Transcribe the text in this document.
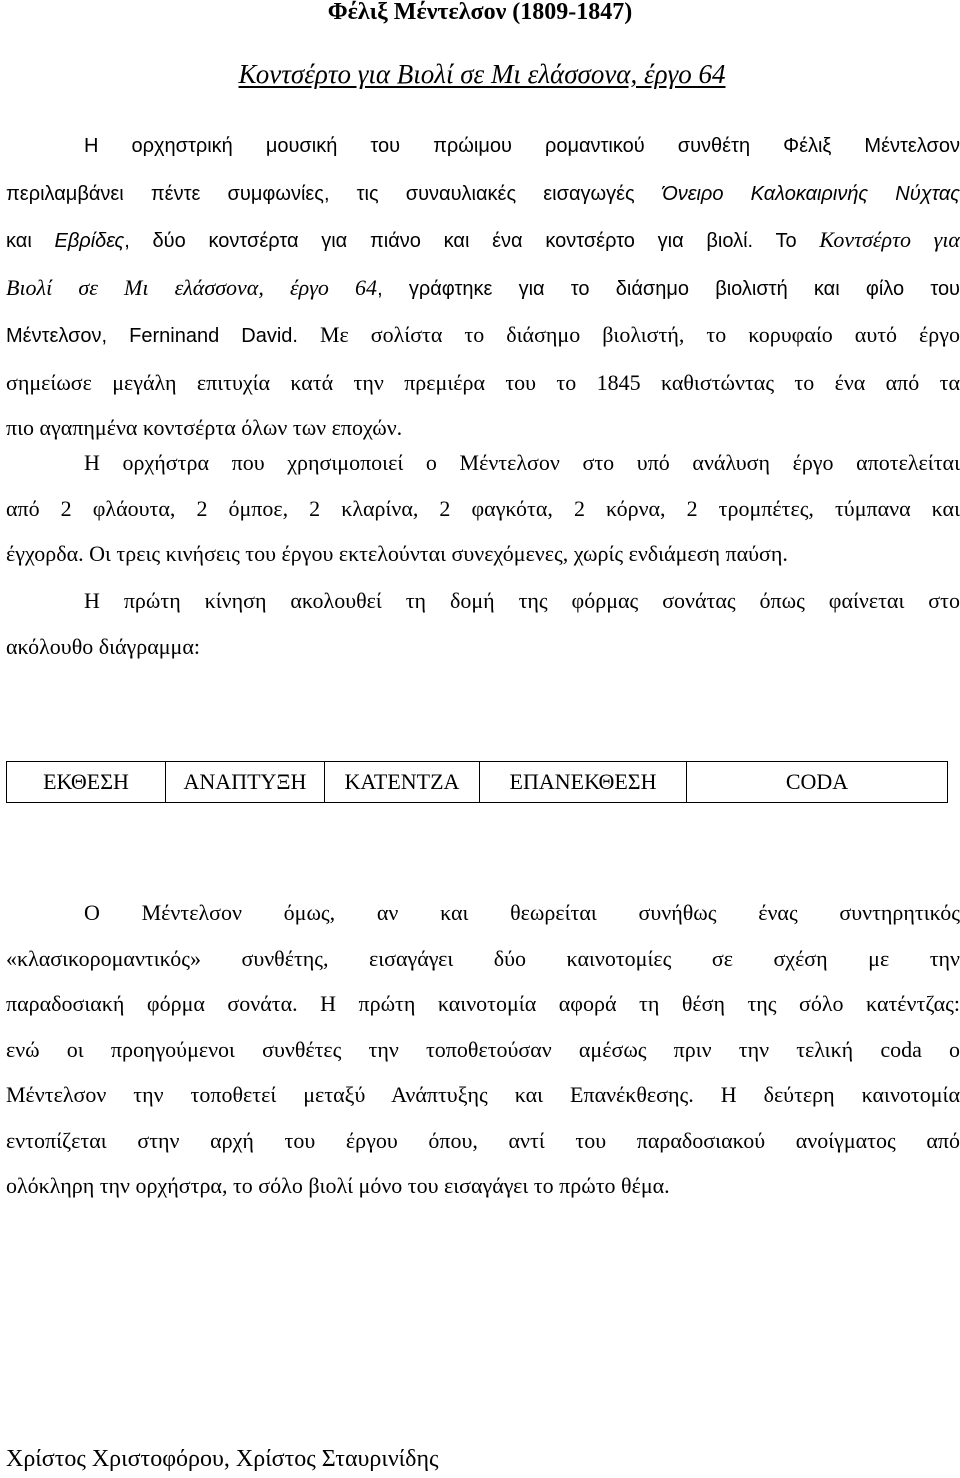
Φέλιξ Μέντελσον (1809-1847)
Κοντσέρτο για Βιολί σε Μι ελάσσονα, έργο 64
Η ορχηστρική μουσική του πρώιμου ρομαντικού συνθέτη Φέλιξ Μέντελσον
περιλαμβάνει πέντε συμφωνίες, τις συναυλιακές εισαγωγές Όνειρο Καλοκαιρινής Νύχτας
και Εβρίδες, δύο κοντσέρτα για πιάνο και ένα κοντσέρτο για βιολί. Το Κοντσέρτο για
Βιολί σε Μι ελάσσονα, έργο 64, γράφτηκε για το διάσημο βιολιστή και φίλο του
Μέντελσον, Ferninand David. Με σολίστα το διάσημο βιολιστή, το κορυφαίο αυτό έργο
σημείωσε μεγάλη επιτυχία κατά την πρεμιέρα του το 1845 καθιστώντας το ένα από τα
πιο αγαπημένα κοντσέρτα όλων των εποχών.
Η ορχήστρα που χρησιμοποιεί ο Μέντελσον στο υπό ανάλυση έργο αποτελείται
από 2 φλάουτα, 2 όμποε, 2 κλαρίνα, 2 φαγκότα, 2 κόρνα, 2 τρομπέτες, τύμπανα και
έγχορδα. Οι τρεις κινήσεις του έργου εκτελούνται συνεχόμενες, χωρίς ενδιάμεση παύση.
Η πρώτη κίνηση ακολουθεί τη δομή της φόρμας σονάτας όπως φαίνεται στο
ακόλουθο διάγραμμα:
ΕΚΘΕΣΗ	ΑΝΑΠΤΥΞΗ	ΚΑΤΕΝΤΖΑ	ΕΠΑΝΕΚΘΕΣΗ	CODA
Ο Μέντελσον όμως, αν και θεωρείται συνήθως ένας συντηρητικός
«κλασικορομαντικός» συνθέτης, εισαγάγει δύο καινοτομίες σε σχέση με την
παραδοσιακή φόρμα σονάτα. Η πρώτη καινοτομία αφορά τη θέση της σόλο κατέντζας:
ενώ οι προηγούμενοι συνθέτες την τοποθετούσαν αμέσως πριν την τελική coda ο
Μέντελσον την τοποθετεί μεταξύ Ανάπτυξης και Επανέκθεσης. Η δεύτερη καινοτομία
εντοπίζεται στην αρχή του έργου όπου, αντί του παραδοσιακού ανοίγματος από
ολόκληρη την ορχήστρα, το σόλο βιολί μόνο του εισαγάγει το πρώτο θέμα.
Χρίστος Χριστοφόρου, Χρίστος Σταυρινίδης
